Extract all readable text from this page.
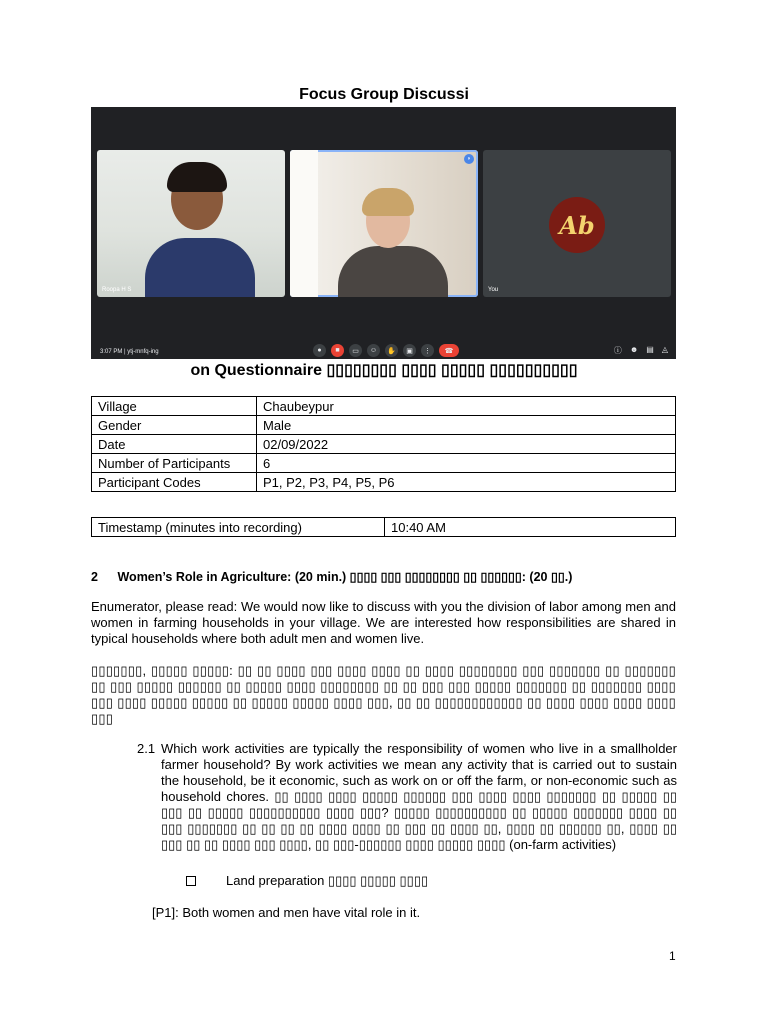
Focus Group Discussi
Roopa H S
◗
Ab
You
3:07 PM | ytj-mnfq-ing	●	■	▭	☺	✋	▣	⋮	☎	ⓘ ☻ ▤ ◬
on Questionnaire ▯▯▯▯▯▯▯▯ ▯▯▯▯ ▯▯▯▯▯ ▯▯▯▯▯▯▯▯▯▯
Village	Chaubeypur
Gender	Male
Date	02/09/2022
Number of Participants	6
Participant Codes	P1, P2, P3, P4, P5, P6
Timestamp (minutes into recording)	10:40 AM
2 Women’s Role in Agriculture: (20 min.) ▯▯▯▯ ▯▯▯ ▯▯▯▯▯▯▯▯ ▯▯ ▯▯▯▯▯▯: (20 ▯▯.)
Enumerator, please read: We would now like to discuss with you the division of labor among men and women in farming households in your village. We are interested how responsibilities are shared in typical households where both adult men and women live.
▯▯▯▯▯▯▯, ▯▯▯▯▯ ▯▯▯▯▯: ▯▯ ▯▯ ▯▯▯▯ ▯▯▯ ▯▯▯▯ ▯▯▯▯ ▯▯ ▯▯▯▯ ▯▯▯▯▯▯▯▯ ▯▯▯ ▯▯▯▯▯▯▯ ▯▯ ▯▯▯▯▯▯▯ ▯▯ ▯▯▯ ▯▯▯▯▯ ▯▯▯▯▯▯ ▯▯ ▯▯▯▯▯ ▯▯▯▯ ▯▯▯▯▯▯▯▯ ▯▯ ▯▯ ▯▯▯ ▯▯▯ ▯▯▯▯▯ ▯▯▯▯▯▯▯ ▯▯ ▯▯▯▯▯▯▯ ▯▯▯▯ ▯▯▯ ▯▯▯▯ ▯▯▯▯▯ ▯▯▯▯▯ ▯▯ ▯▯▯▯▯ ▯▯▯▯▯ ▯▯▯▯ ▯▯▯, ▯▯ ▯▯ ▯▯▯▯▯▯▯▯▯▯▯▯ ▯▯ ▯▯▯▯ ▯▯▯▯ ▯▯▯▯ ▯▯▯▯ ▯▯▯
2.1 Which work activities are typically the responsibility of women who live in a smallholder farmer household? By work activities we mean any activity that is carried out to sustain the household, be it economic, such as work on or off the farm, or non-economic such as household chores. ▯▯ ▯▯▯▯ ▯▯▯▯ ▯▯▯▯▯ ▯▯▯▯▯▯ ▯▯▯ ▯▯▯▯ ▯▯▯▯ ▯▯▯▯▯▯▯ ▯▯ ▯▯▯▯▯ ▯▯ ▯▯▯ ▯▯ ▯▯▯▯▯ ▯▯▯▯▯▯▯▯▯▯ ▯▯▯▯ ▯▯▯? ▯▯▯▯▯ ▯▯▯▯▯▯▯▯▯▯ ▯▯ ▯▯▯▯▯ ▯▯▯▯▯▯▯ ▯▯▯▯ ▯▯ ▯▯▯ ▯▯▯▯▯▯▯ ▯▯ ▯▯ ▯▯ ▯▯ ▯▯▯▯ ▯▯▯▯ ▯▯ ▯▯▯ ▯▯ ▯▯▯▯ ▯▯, ▯▯▯▯ ▯▯ ▯▯▯▯▯▯ ▯▯, ▯▯▯▯ ▯▯ ▯▯▯ ▯▯ ▯▯ ▯▯▯▯ ▯▯▯ ▯▯▯▯, ▯▯ ▯▯▯-▯▯▯▯▯▯ ▯▯▯▯ ▯▯▯▯▯ ▯▯▯▯ (on-farm activities)
Land preparation ▯▯▯▯ ▯▯▯▯▯ ▯▯▯▯
[P1]: Both women and men have vital role in it.
1
